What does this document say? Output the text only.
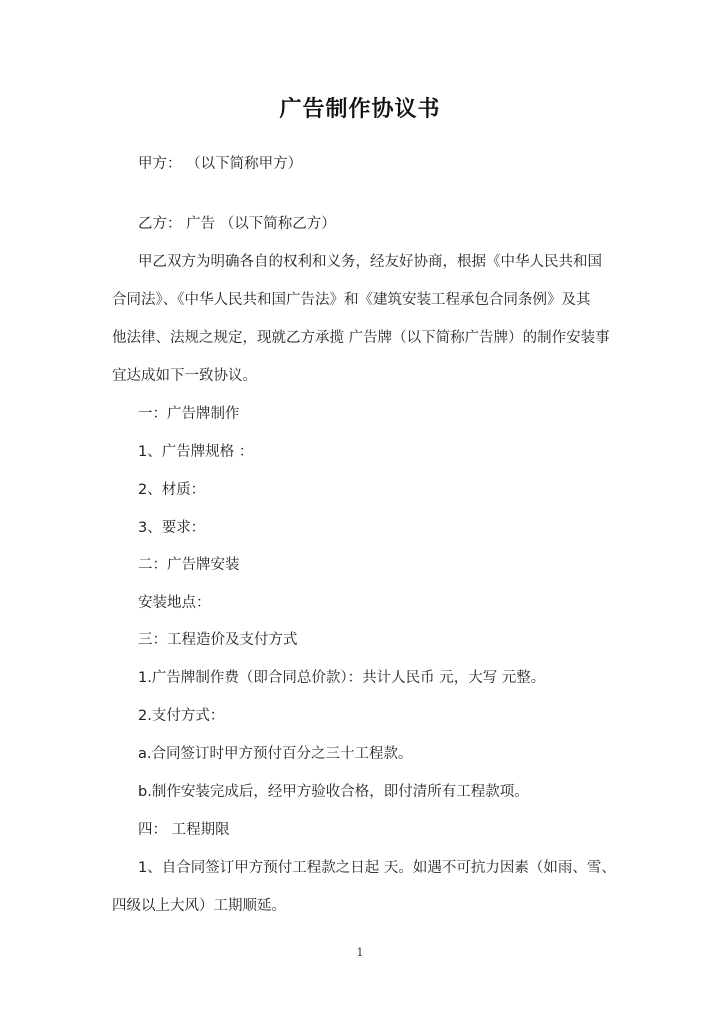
广告制作协议书
甲方： （以下简称甲方）
乙方： 广告 （以下简称乙方）
甲乙双方为明确各自的权利和义务，经友好协商，根据《中华人民共和国
合同法》、《中华人民共和国广告法》和《建筑安装工程承包合同条例》及其
他法律、法规之规定，现就乙方承揽 广告牌（以下简称广告牌）的制作安装事
宜达成如下一致协议。
一：广告牌制作
1、广告牌规格 ：
2、材质：
3、要求：
二：广告牌安装
安装地点：
三：工程造价及支付方式
1.广告牌制作费（即合同总价款）：共计人民币 元，大写 元整。
2.支付方式：
a.合同签订时甲方预付百分之三十工程款。
b.制作安装完成后，经甲方验收合格，即付清所有工程款项。
四： 工程期限
1、自合同签订甲方预付工程款之日起 天。如遇不可抗力因素（如雨、雪、
四级以上大风）工期顺延。
1
